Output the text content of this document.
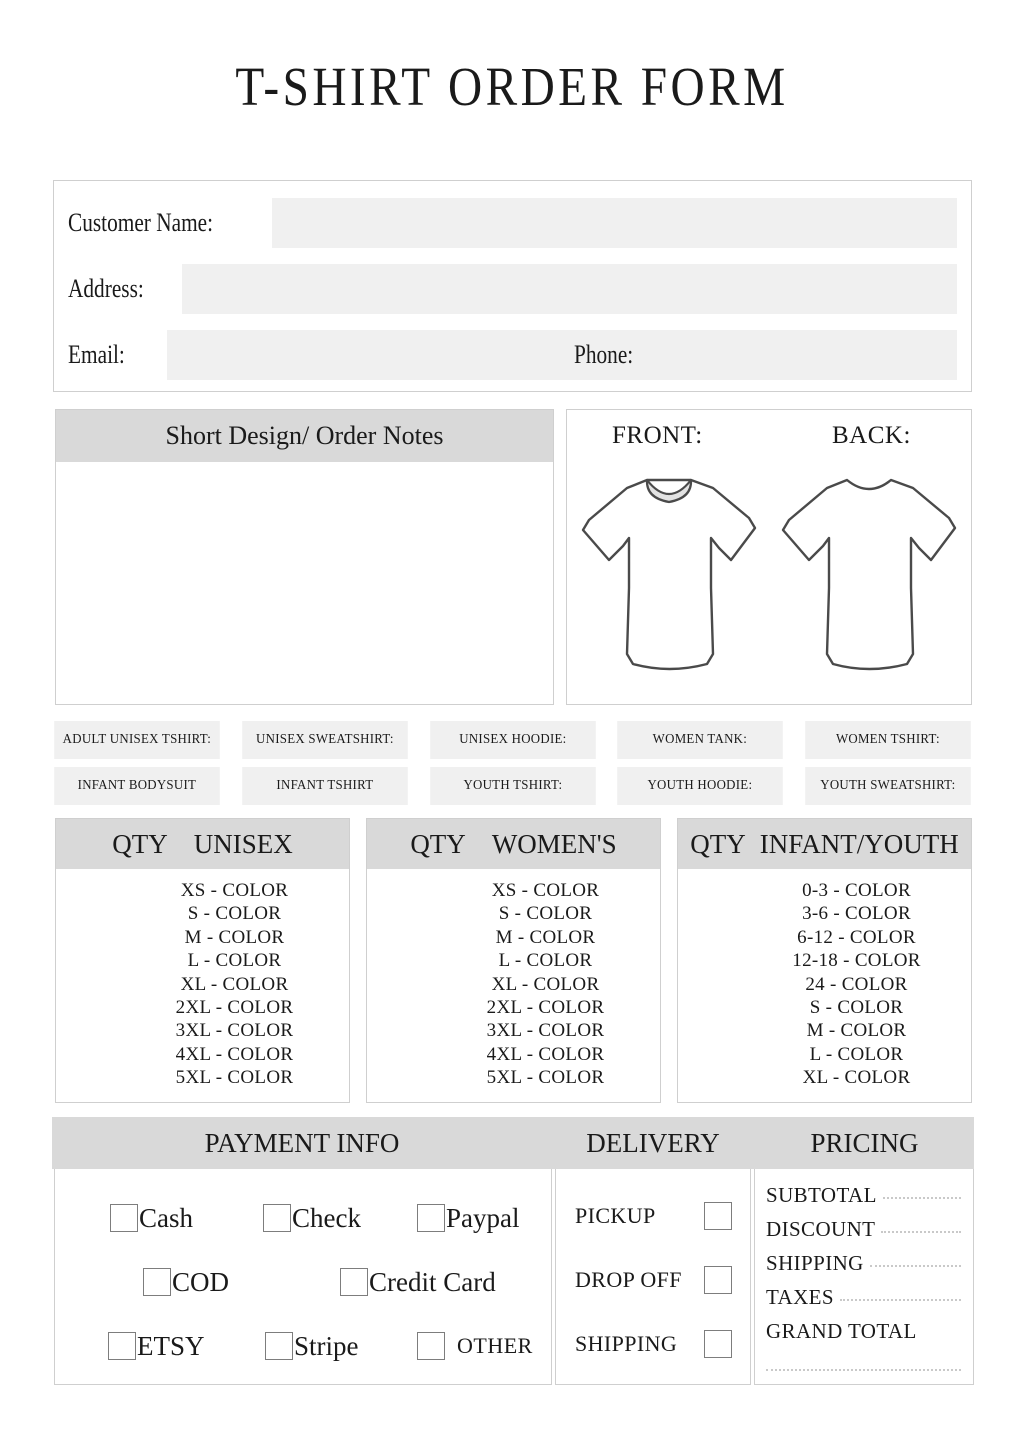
T-SHIRT ORDER FORM
Customer Name:
Address:
Email:	Phone:
Short Design/ Order Notes	FRONT:	BACK:
ADULT UNISEX TSHIRT:	UNISEX SWEATSHIRT:	UNISEX HOODIE:	WOMEN TANK:	WOMEN TSHIRT:
INFANT BODYSUIT	INFANT TSHIRT	YOUTH TSHIRT:	YOUTH HOODIE:	YOUTH SWEATSHIRT:
QTY UNISEX
XS - COLOR
S - COLOR
M - COLOR
L - COLOR
XL - COLOR
2XL - COLOR
3XL - COLOR
4XL - COLOR
5XL - COLOR
QTY WOMEN'S
XS - COLOR
S - COLOR
M - COLOR
L - COLOR
XL - COLOR
2XL - COLOR
3XL - COLOR
4XL - COLOR
5XL - COLOR
QTY INFANT/YOUTH
0-3 - COLOR
3-6 - COLOR
6-12 - COLOR
12-18 - COLOR
24 - COLOR
S - COLOR
M - COLOR
L - COLOR
XL - COLOR
PAYMENT INFO	DELIVERY	PRICING
Cash	Check	Paypal
COD	Credit Card
ETSY	Stripe	OTHER
PICKUP
DROP OFF
SHIPPING
SUBTOTAL
DISCOUNT
SHIPPING
TAXES
GRAND TOTAL
